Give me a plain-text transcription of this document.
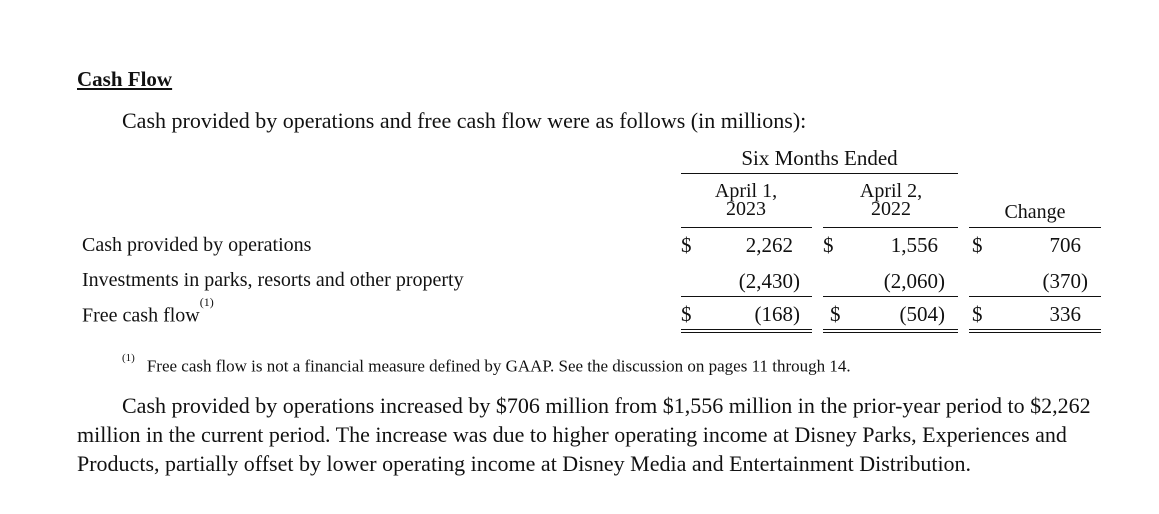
Cash Flow
Cash provided by operations and free cash flow were as follows (in millions):
Six Months Ended
April 1,
2023
April 2,
2022	Change
Cash provided by operations	$	2,262 $	1,556 $	706
Investments in parks, resorts and other property	(2,430)	(2,060)	(370)
Free cash flow$^{(1)}$	$	(168) $	(504) $	336
$^{(1)}$ Free cash flow is not a financial measure defined by GAAP. See the discussion on pages 11 through 14.
Cash provided by operations increased by $706 million from $1,556 million in the prior-year period to $2,262 million in the current period. The increase was due to higher operating income at Disney Parks, Experiences and Products, partially offset by lower operating income at Disney Media and Entertainment Distribution.
